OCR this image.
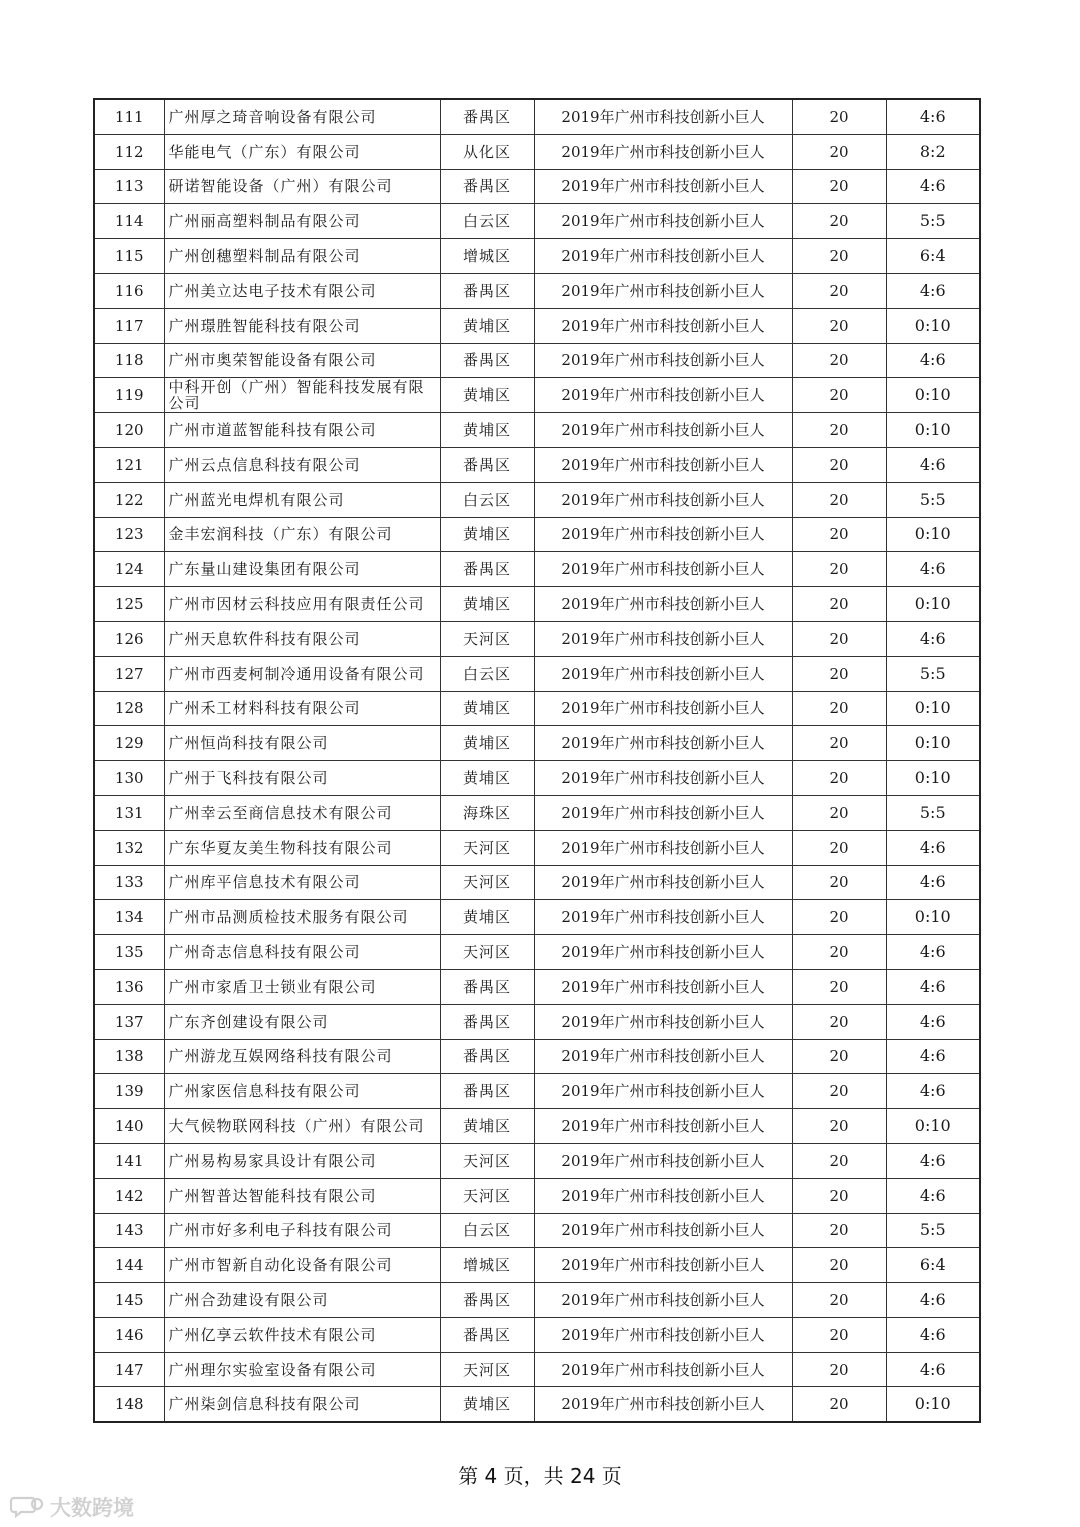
111	广州厚之琦音响设备有限公司	番禺区	2019年广州市科技创新小巨人	20	4:6
112	华能电气（广东）有限公司	从化区	2019年广州市科技创新小巨人	20	8:2
113	研诺智能设备（广州）有限公司	番禺区	2019年广州市科技创新小巨人	20	4:6
114	广州丽高塑料制品有限公司	白云区	2019年广州市科技创新小巨人	20	5:5
115	广州创穗塑料制品有限公司	增城区	2019年广州市科技创新小巨人	20	6:4
116	广州美立达电子技术有限公司	番禺区	2019年广州市科技创新小巨人	20	4:6
117	广州璟胜智能科技有限公司	黄埔区	2019年广州市科技创新小巨人	20	0:10
118	广州市奥荣智能设备有限公司	番禺区	2019年广州市科技创新小巨人	20	4:6
119	中科开创（广州）智能科技发展有限公司	黄埔区	2019年广州市科技创新小巨人	20	0:10
120	广州市道蓝智能科技有限公司	黄埔区	2019年广州市科技创新小巨人	20	0:10
121	广州云点信息科技有限公司	番禺区	2019年广州市科技创新小巨人	20	4:6
122	广州蓝光电焊机有限公司	白云区	2019年广州市科技创新小巨人	20	5:5
123	金丰宏润科技（广东）有限公司	黄埔区	2019年广州市科技创新小巨人	20	0:10
124	广东量山建设集团有限公司	番禺区	2019年广州市科技创新小巨人	20	4:6
125	广州市因材云科技应用有限责任公司	黄埔区	2019年广州市科技创新小巨人	20	0:10
126	广州天息软件科技有限公司	天河区	2019年广州市科技创新小巨人	20	4:6
127	广州市西麦柯制冷通用设备有限公司	白云区	2019年广州市科技创新小巨人	20	5:5
128	广州禾工材料科技有限公司	黄埔区	2019年广州市科技创新小巨人	20	0:10
129	广州恒尚科技有限公司	黄埔区	2019年广州市科技创新小巨人	20	0:10
130	广州于飞科技有限公司	黄埔区	2019年广州市科技创新小巨人	20	0:10
131	广州幸云至商信息技术有限公司	海珠区	2019年广州市科技创新小巨人	20	5:5
132	广东华夏友美生物科技有限公司	天河区	2019年广州市科技创新小巨人	20	4:6
133	广州库平信息技术有限公司	天河区	2019年广州市科技创新小巨人	20	4:6
134	广州市品测质检技术服务有限公司	黄埔区	2019年广州市科技创新小巨人	20	0:10
135	广州奇志信息科技有限公司	天河区	2019年广州市科技创新小巨人	20	4:6
136	广州市家盾卫士锁业有限公司	番禺区	2019年广州市科技创新小巨人	20	4:6
137	广东齐创建设有限公司	番禺区	2019年广州市科技创新小巨人	20	4:6
138	广州游龙互娱网络科技有限公司	番禺区	2019年广州市科技创新小巨人	20	4:6
139	广州家医信息科技有限公司	番禺区	2019年广州市科技创新小巨人	20	4:6
140	大气候物联网科技（广州）有限公司	黄埔区	2019年广州市科技创新小巨人	20	0:10
141	广州易构易家具设计有限公司	天河区	2019年广州市科技创新小巨人	20	4:6
142	广州智普达智能科技有限公司	天河区	2019年广州市科技创新小巨人	20	4:6
143	广州市好多利电子科技有限公司	白云区	2019年广州市科技创新小巨人	20	5:5
144	广州市智新自动化设备有限公司	增城区	2019年广州市科技创新小巨人	20	6:4
145	广州合劲建设有限公司	番禺区	2019年广州市科技创新小巨人	20	4:6
146	广州亿享云软件技术有限公司	番禺区	2019年广州市科技创新小巨人	20	4:6
147	广州理尔实验室设备有限公司	天河区	2019年广州市科技创新小巨人	20	4:6
148	广州柒剑信息科技有限公司	黄埔区	2019年广州市科技创新小巨人	20	0:10
第 4 页，共 24 页
大数跨境
